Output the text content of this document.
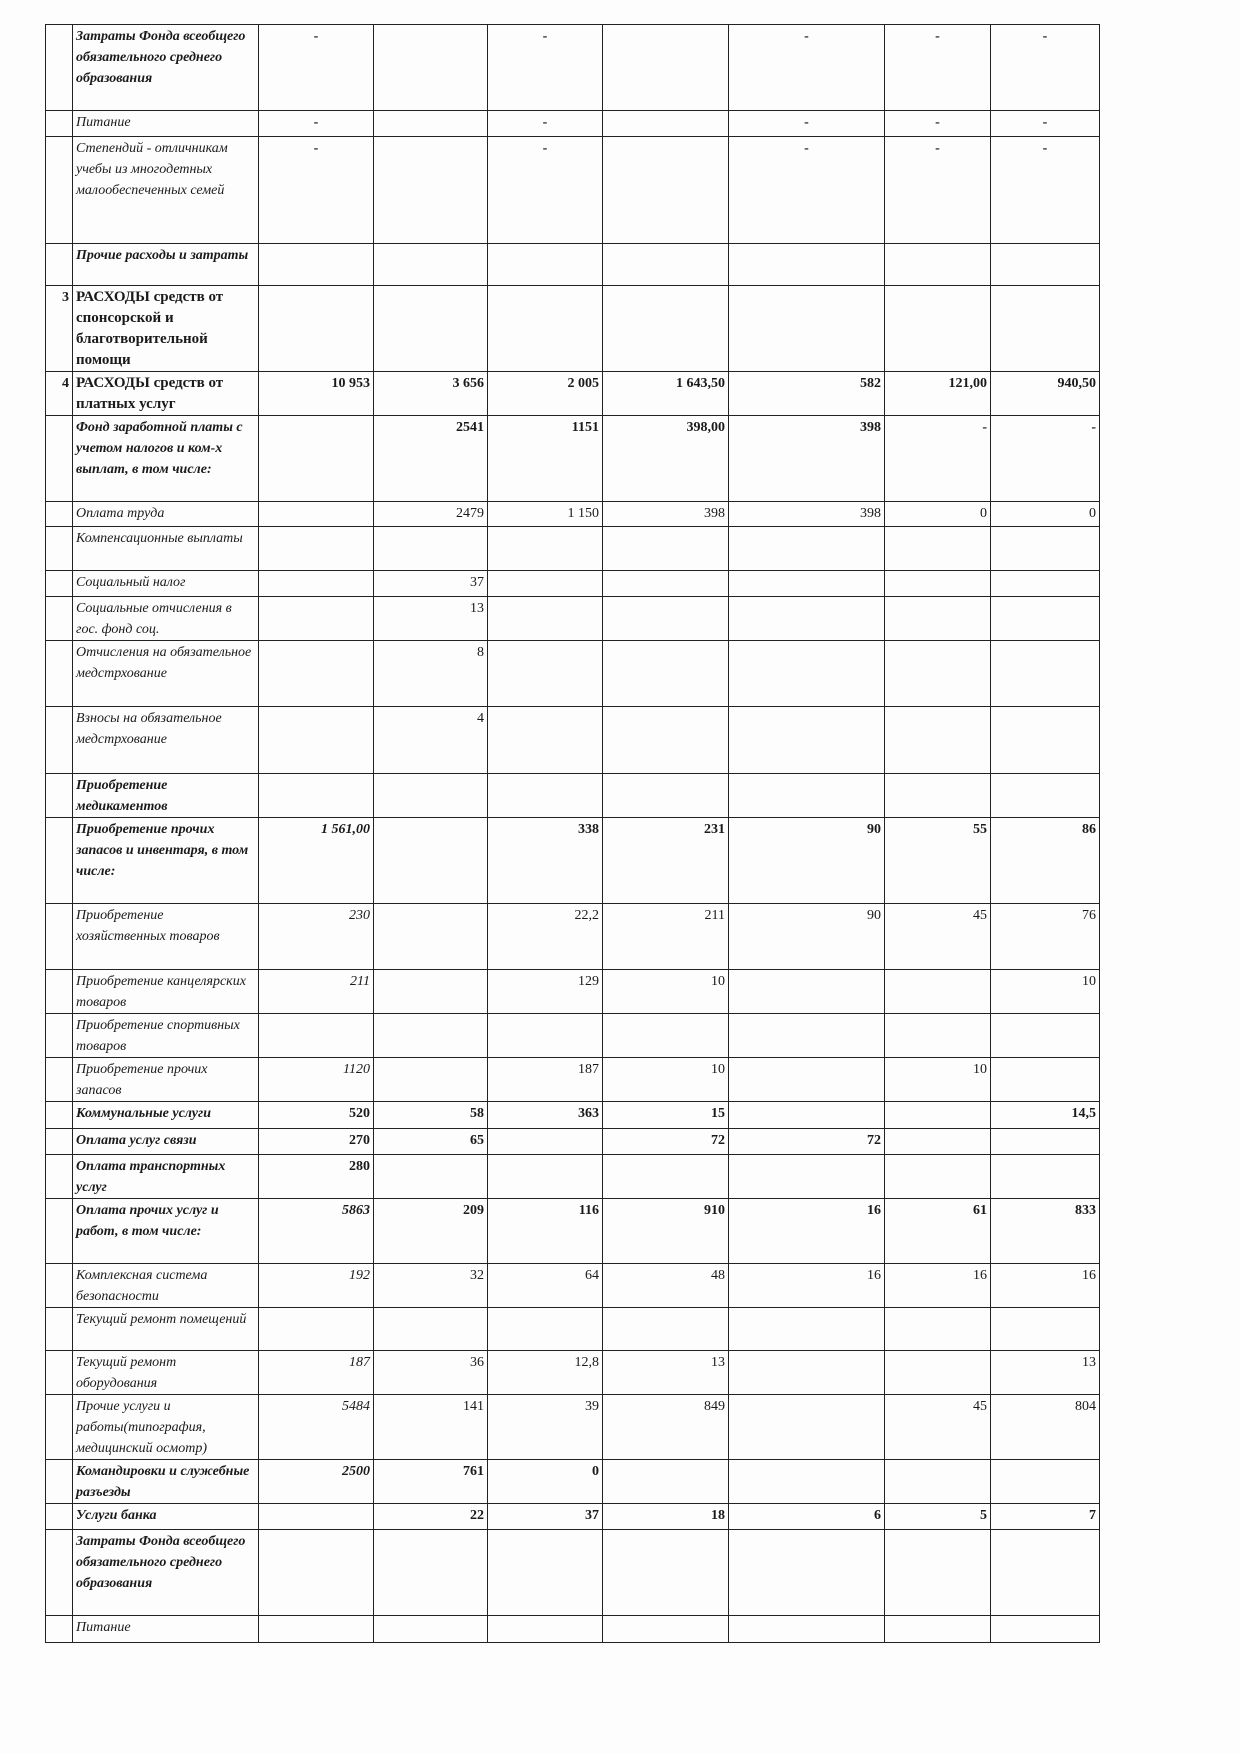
	Затраты Фонда всеобщего обязательного среднего образования	-		-		-	-	-
	Питание	-		-		-	-	-
	Степендий - отличникам учебы из многодетных малообеспеченных семей	-		-		-	-	-
	Прочие расходы и затраты							
3	РАСХОДЫ средств от спонсорской и благотворительной помощи							
4	РАСХОДЫ средств от платных услуг	10 953	3 656	2 005	1 643,50	582	121,00	940,50
	Фонд заработной платы с учетом налогов и ком-х выплат, в том числе:		2541	1151	398,00	398	-	-
	Оплата труда		2479	1 150	398	398	0	0
	Компенсационные выплаты							
	Социальный налог		37					
	Социальные отчисления в гос. фонд соц.		13					
	Отчисления на обязательное медстрхование		8					
	Взносы на обязательное медстрхование		4					
	Приобретение медикаментов							
	Приобретение прочих запасов и инвентаря, в том числе:	1 561,00		338	231	90	55	86
	Приобретение хозяйственных товаров	230		22,2	211	90	45	76
	Приобретение канцелярских товаров	211		129	10			10
	Приобретение спортивных товаров							
	Приобретение прочих запасов	1120		187	10		10	
	Коммунальные услуги	520	58	363	15			14,5
	Оплата услуг связи	270	65		72	72		
	Оплата транспортных услуг	280						
	Оплата прочих услуг и работ, в том числе:	5863	209	116	910	16	61	833
	Комплексная система безопасности	192	32	64	48	16	16	16
	Текущий ремонт помещений							
	Текущий ремонт оборудования	187	36	12,8	13			13
	Прочие услуги и работы(типография, медицинский осмотр)	5484	141	39	849		45	804
	Командировки и служебные разъезды	2500	761	0				
	Услуги банка		22	37	18	6	5	7
	Затраты Фонда всеобщего обязательного среднего образования							
	Питание							
